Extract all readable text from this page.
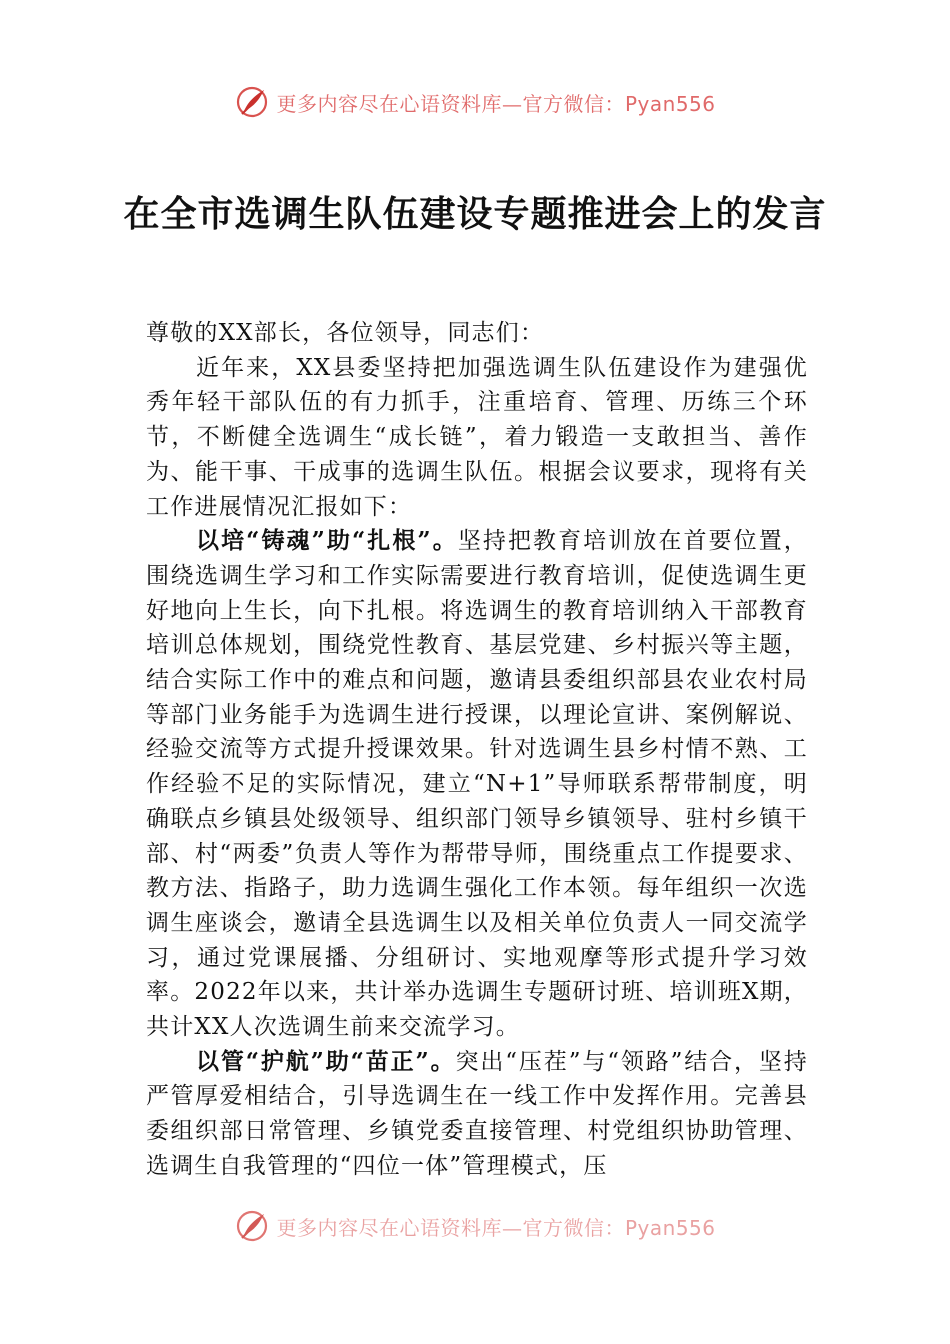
更多内容尽在心语资料库—官方微信：Pyan556
在全市选调生队伍建设专题推进会上的发言

尊敬的XX部长，各位领导，同志们：

近年来，XX县委坚持把加强选调生队伍建设作为建强优秀年轻干部队伍的有力抓手，注重培育、管理、历练三个环节，不断健全选调生“成长链”，着力锻造一支敢担当、善作为、能干事、干成事的选调生队伍。根据会议要求，现将有关工作进展情况汇报如下：

以培“铸魂”助“扎根”。坚持把教育培训放在首要位置，围绕选调生学习和工作实际需要进行教育培训，促使选调生更好地向上生长，向下扎根。将选调生的教育培训纳入干部教育培训总体规划，围绕党性教育、基层党建、乡村振兴等主题，结合实际工作中的难点和问题，邀请县委组织部县农业农村局等部门业务能手为选调生进行授课，以理论宣讲、案例解说、经验交流等方式提升授课效果。针对选调生县乡村情不熟、工作经验不足的实际情况，建立“N+1”导师联系帮带制度，明确联点乡镇县处级领导、组织部门领导乡镇领导、驻村乡镇干部、村“两委”负责人等作为帮带导师，围绕重点工作提要求、教方法、指路子，助力选调生强化工作本领。每年组织一次选调生座谈会，邀请全县选调生以及相关单位负责人一同交流学习，通过党课展播、分组研讨、实地观摩等形式提升学习效率。2022年以来，共计举办选调生专题研讨班、培训班X期，共计XX人次选调生前来交流学习。

以管“护航”助“苗正”。突出“压茬”与“领路”结合，坚持严管厚爱相结合，引导选调生在一线工作中发挥作用。完善县委组织部日常管理、乡镇党委直接管理、村党组织协助管理、选调生自我管理的“四位一体”管理模式，压

更多内容尽在心语资料库—官方微信：Pyan556
